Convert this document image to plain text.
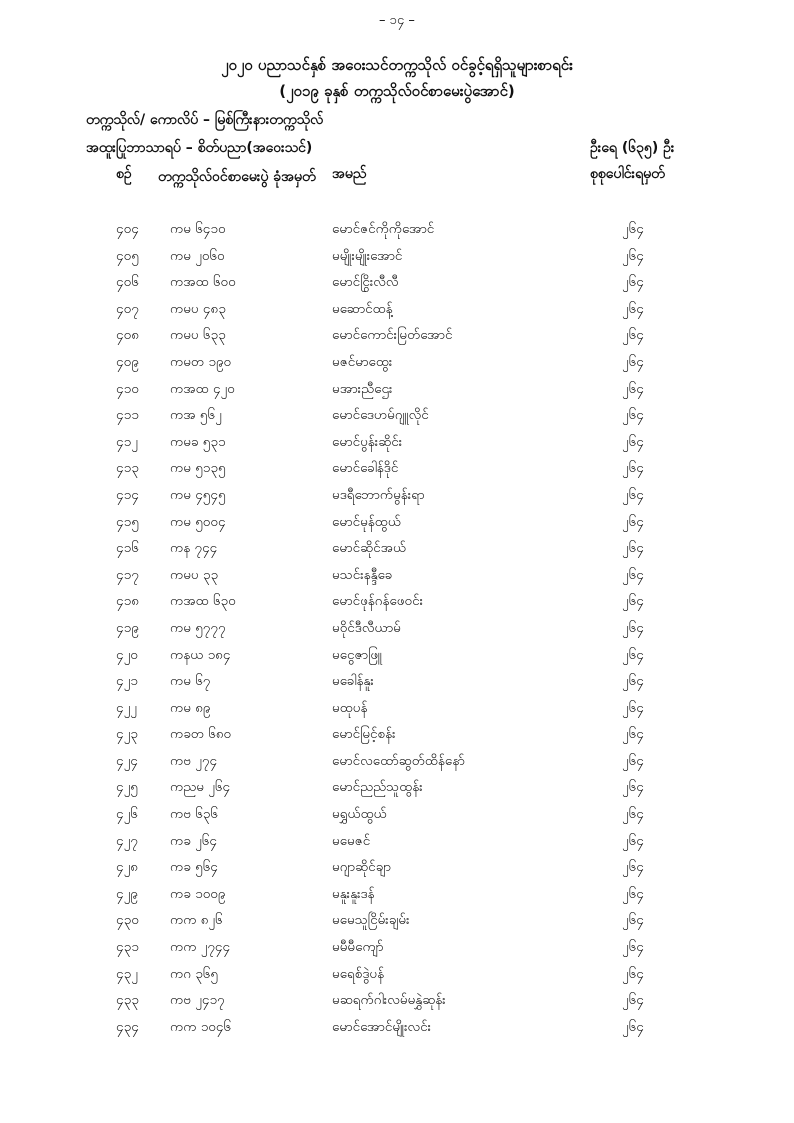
– ၁၄ –
၂၀၂၀ ပညာသင်နှစ် အဝေးသင်တက္ကသိုလ် ဝင်ခွင့်ရရှိသူများစာရင်း
(၂၀၁၉ ခုနှစ် တက္ကသိုလ်ဝင်စာမေးပွဲအောင်)
တက္ကသိုလ်/ ကောလိပ် – မြစ်ကြီးနားတက္ကသိုလ်
အထူးပြုဘာသာရပ် – စိတ်ပညာ(အဝေးသင်)	ဦးရေ (၆၃၅) ဦး
စဉ် တက္ကသိုလ်ဝင်စာမေးပွဲ ခုံအမှတ်	အမည်	စုစုပေါင်းရမှတ်
၄၀၄ ကမ ၆၄၁၀	မောင်ဇင်ကိုကိုအောင်	၂၆၄
၄၀၅ ကမ ၂၀၆၀	မမျိုးမျိုးအောင်	၂၆၄
၄၀၆ ကအထ ၆၀၀	မောင်ငြွိးလီလီ	၂၆၄
၄၀၇ ကမပ ၄၈၃	မဆောင်ထန့်	၂၆၄
၄၀၈ ကမပ ၆၃၃	မောင်ကောင်းမြတ်အောင်	၂၆၄
၄၀၉ ကမတ ၁၉၀	မဇင်မာထွေး	၂၆၄
၄၁၀ ကအထ ၄၂၀	မအားညီဌေး	၂၆၄
၄၁၁ ကအ ၅၆၂	မောင်ဒေဟမ်ဂျူလိုင်	၂၆၄
၄၁၂ ကမခ ၅၃၁	မောင်ပွန်းဆိုင်း	၂၆၄
၄၁၃ ကမ ၅၁၃၅	မောင်ခေါန်ဒိုင်	၂၆၄
၄၁၄ ကမ ၄၅၄၅	မဒရီဘောက်မွန်းရာ	၂၆၄
၄၁၅ ကမ ၅၀၀၄	မောင်မုန်ထွယ်	၂၆၄
၄၁၆ ကန ၇၄၄	မောင်ဆိုင်အယ်	၂၆၄
၄၁၇ ကမပ ၃၃	မသင်းနန္ဒီခေ	၂၆၄
၄၁၈ ကအထ ၆၃၀	မောင်ဖုန်ဂန်ဖေဝင်း	၂၆၄
၄၁၉ ကမ ၅၇၇၇	မဝိုင်ဒီလီယာမ်	၂၆၄
၄၂၀ ကနယ ၁၈၄	မငွေဇာဖြူ	၂၆၄
၄၂၁ ကမ ၆၇	မခေါန်နူး	၂၆၄
၄၂၂ ကမ ၈၉	မထုပန်	၂၆၄
၄၂၃ ကခတ ၆၈၀	မောင်မြင့်စန်း	၂၆၄
၄၂၄ ကဗ ၂၇၄	မောင်လထော်ဆွတ်ထိန်နော်	၂၆၄
၄၂၅ ကညမ ၂၆၄	မောင်ညည်သူထွန်း	၂၆၄
၄၂၆ ကဗ ၆၃၆	မရွှယ်ထွယ်	၂၆၄
၄၂၇ ကခ ၂၆၄	မမေဇင်	၂၆၄
၄၂၈ ကခ ၅၆၄	မဂျာဆိုင်ချာ	၂၆၄
၄၂၉ ကခ ၁၀၀၉	မနူးနူးဒန်	၂၆၄
၄၃၀ ကက ၈၂၆	မမေသူငြိမ်းချမ်း	၂၆၄
၄၃၁ ကက ၂၇၄၄	မမီမီကျော်	၂၆၄
၄၃၂ ကဂ ၃၆၅	မရေစ်ဒွဲပန်	၂၆၄
၄၃၃ ကဗ ၂၄၁၇	မဆရက်ဂါးလမ်မနွှဲဆုန်း	၂၆၄
၄၃၄ ကက ၁၀၄၆	မောင်အောင်မျိုးလင်း	၂၆၄
